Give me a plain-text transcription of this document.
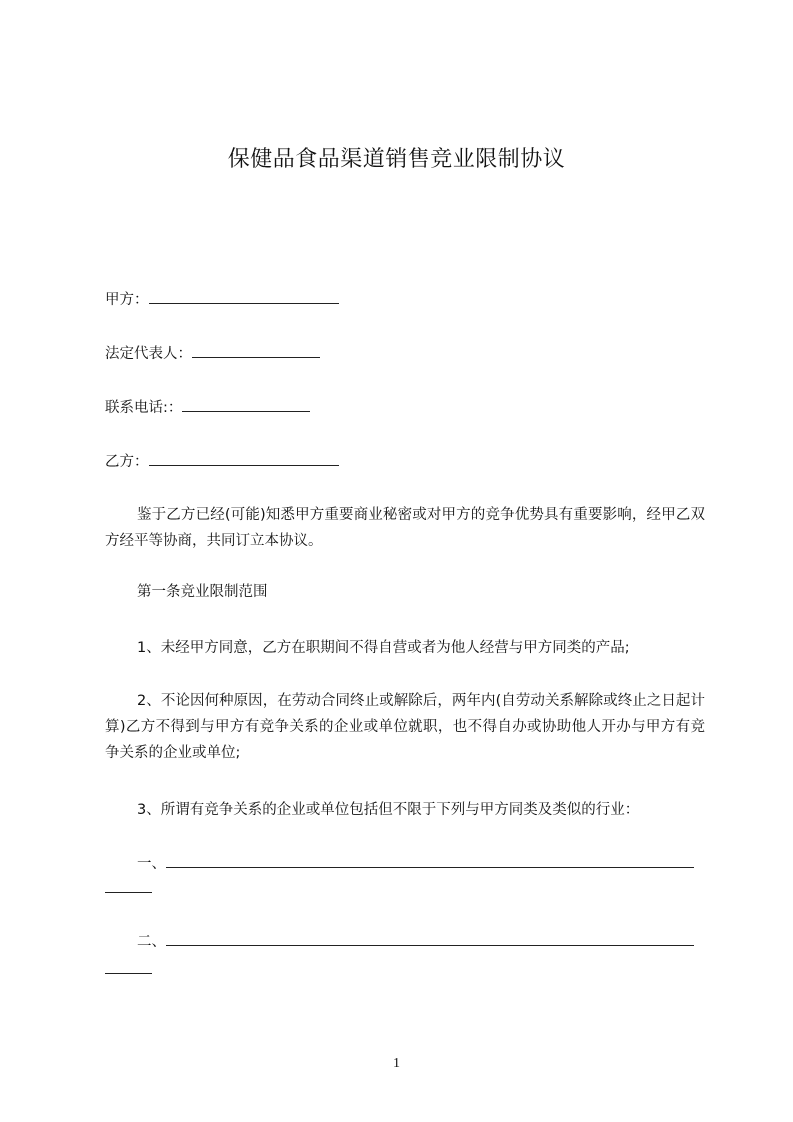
保健品食品渠道销售竞业限制协议
甲方：
法定代表人：
联系电话:：
乙方：
鉴于乙方已经(可能)知悉甲方重要商业秘密或对甲方的竞争优势具有重要影响，经甲乙双方经平等协商，共同订立本协议。
第一条竞业限制范围
1、未经甲方同意，乙方在职期间不得自营或者为他人经营与甲方同类的产品;
2、不论因何种原因，在劳动合同终止或解除后，两年内(自劳动关系解除或终止之日起计算)乙方不得到与甲方有竞争关系的企业或单位就职，也不得自办或协助他人开办与甲方有竞争关系的企业或单位;
3、所谓有竞争关系的企业或单位包括但不限于下列与甲方同类及类似的行业：
一、
二、
1
